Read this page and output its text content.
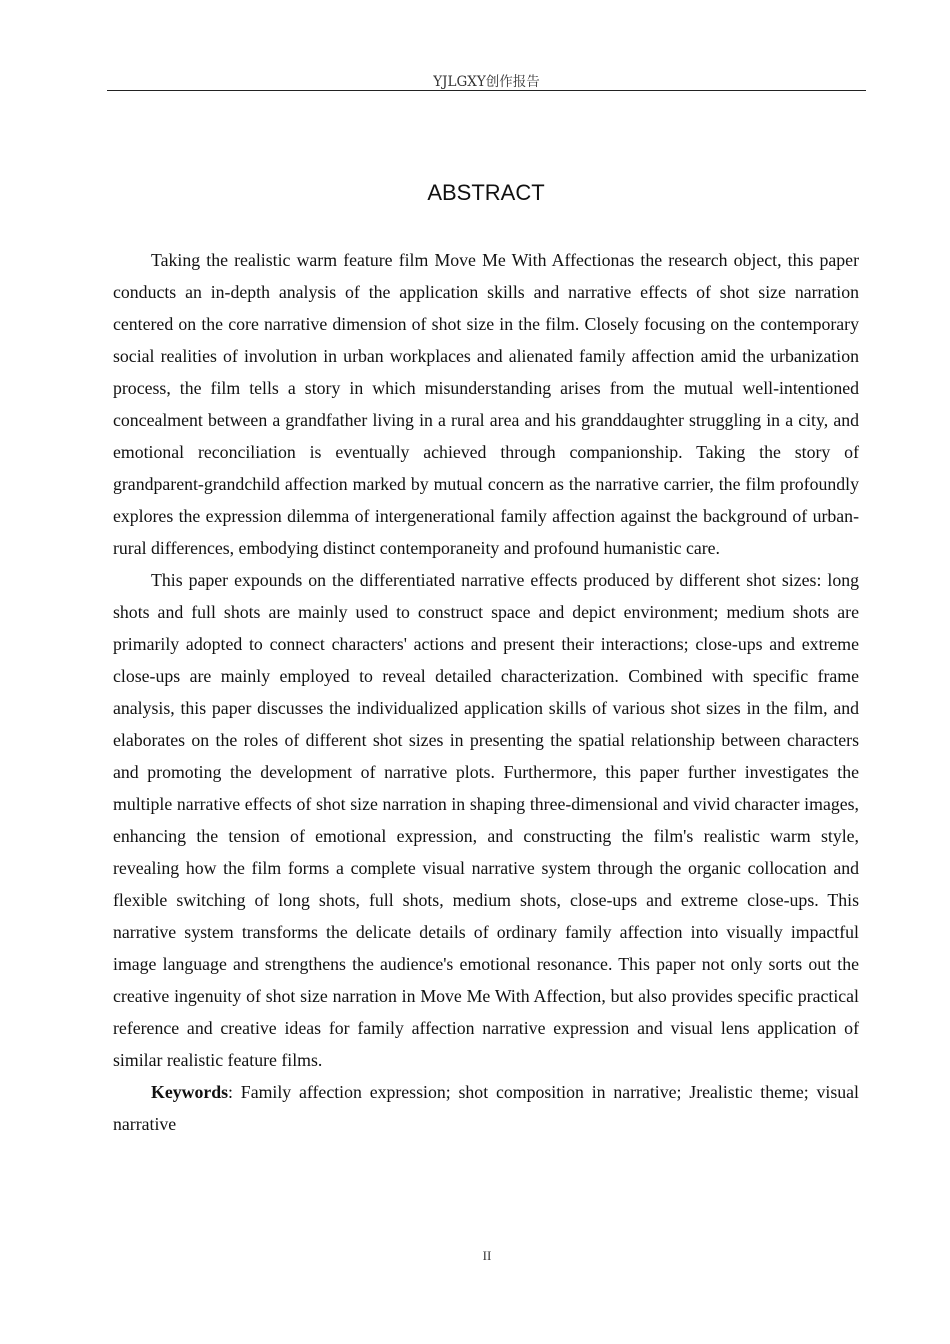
YJLGXY创作报告
ABSTRACT

Taking the realistic warm feature film Move Me With Affectionas the research object, this paper conducts an in-depth analysis of the application skills and narrative effects of shot size narration centered on the core narrative dimension of shot size in the film. Closely focusing on the contemporary social realities of involution in urban workplaces and alienated family affection amid the urbanization process, the film tells a story in which misunderstanding arises from the mutual well-intentioned concealment between a grandfather living in a rural area and his granddaughter struggling in a city, and emotional reconciliation is eventually achieved through companionship. Taking the story of grandparent-grandchild affection marked by mutual concern as the narrative carrier, the film profoundly explores the expression dilemma of intergenerational family affection against the background of urban-rural differences, embodying distinct contemporaneity and profound humanistic care.

This paper expounds on the differentiated narrative effects produced by different shot sizes: long shots and full shots are mainly used to construct space and depict environment; medium shots are primarily adopted to connect characters' actions and present their interactions; close-ups and extreme close-ups are mainly employed to reveal detailed characterization. Combined with specific frame analysis, this paper discusses the individualized application skills of various shot sizes in the film, and elaborates on the roles of different shot sizes in presenting the spatial relationship between characters and promoting the development of narrative plots. Furthermore, this paper further investigates the multiple narrative effects of shot size narration in shaping three-dimensional and vivid character images, enhancing the tension of emotional expression, and constructing the film's realistic warm style, revealing how the film forms a complete visual narrative system through the organic collocation and flexible switching of long shots, full shots, medium shots, close-ups and extreme close-ups. This narrative system transforms the delicate details of ordinary family affection into visually impactful image language and strengthens the audience's emotional resonance. This paper not only sorts out the creative ingenuity of shot size narration in Move Me With Affection, but also provides specific practical reference and creative ideas for family affection narrative expression and visual lens application of similar realistic feature films.

Keywords: Family affection expression; shot composition in narrative; Jrealistic theme; visual narrative

II
